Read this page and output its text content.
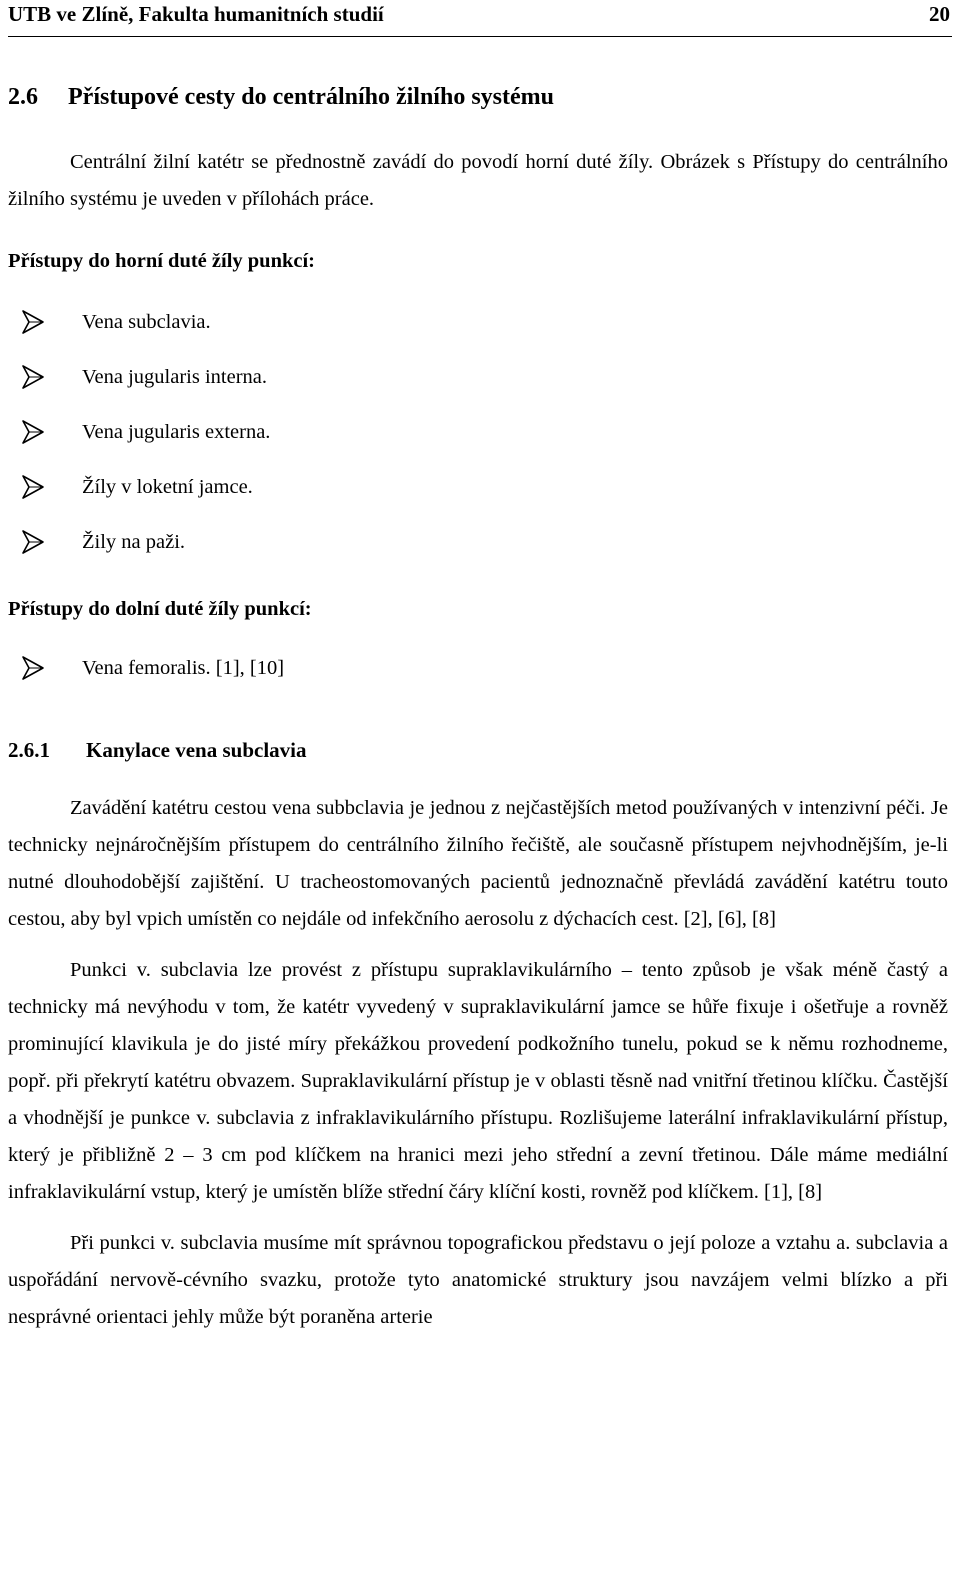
UTB ve Zlíně, Fakulta humanitních studií	20
2.6 Přístupové cesty do centrálního žilního systému

Centrální žilní katétr se přednostně zavádí do povodí horní duté žíly. Obrázek s Přístupy do centrálního žilního systému je uveden v přílohách práce.

Přístupy do horní duté žíly punkcí:
Vena subclavia.
Vena jugularis interna.
Vena jugularis externa.
Žíly v loketní jamce.
Žily na paži.
Přístupy do dolní duté žíly punkcí:
Vena femoralis. [1], [10]
2.6.1 Kanylace vena subclavia

Zavádění katétru cestou vena subbclavia je jednou z nejčastějších metod používaných v intenzivní péči. Je technicky nejnáročnějším přístupem do centrálního žilního řečiště, ale současně přístupem nejvhodnějším, je-li nutné dlouhodobější zajištění. U tracheostomovaných pacientů jednoznačně převládá zavádění katétru touto cestou, aby byl vpich umístěn co nejdále od infekčního aerosolu z dýchacích cest. [2], [6], [8]

Punkci v. subclavia lze provést z přístupu supraklavikulárního – tento způsob je však méně častý a technicky má nevýhodu v tom, že katétr vyvedený v supraklavikulární jamce se hůře fixuje i ošetřuje a rovněž prominující klavikula je do jisté míry překážkou provedení podkožního tunelu, pokud se k němu rozhodneme, popř. při překrytí katétru obvazem. Supraklavikulární přístup je v oblasti těsně nad vnitřní třetinou klíčku. Častější a vhodnější je punkce v. subclavia z infraklavikulárního přístupu. Rozlišujeme laterální infraklavikulární přístup, který je přibližně 2 – 3 cm pod klíčkem na hranici mezi jeho střední a zevní třetinou. Dále máme mediální infraklavikulární vstup, který je umístěn blíže střední čáry klíční kosti, rovněž pod klíčkem. [1], [8]

Při punkci v. subclavia musíme mít správnou topografickou představu o její poloze a vztahu a. subclavia a uspořádání nervově-cévního svazku, protože tyto anatomické struktury jsou navzájem velmi blízko a při nesprávné orientaci jehly může být poraněna arterie
